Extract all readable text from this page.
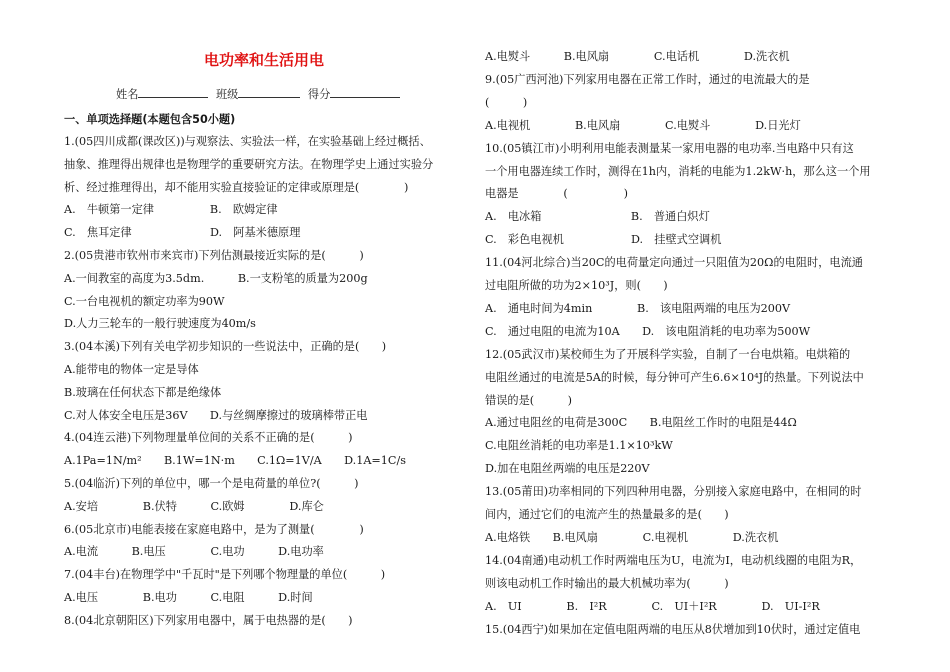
电功率和生活用电
姓名	班级	得分
一、单项选择题(本题包含50小题)
1.(05四川成都(课改区))与观察法、实验法一样，在实验基础上经过概括、
抽象、推理得出规律也是物理学的重要研究方法。在物理学史上通过实验分
析、经过推理得出，却不能用实验直接验证的定律或原理是(　　　　)
A.　牛顿第一定律　　　　　B.　欧姆定律
C.　焦耳定律　　　　　　　D.　阿基米德原理
2.(05贵港市钦州市来宾市)下列估测最接近实际的是(　　　)
A.一间教室的高度为3.5dm.　　　B.一支粉笔的质量为200g
C.一台电视机的额定功率为90W
D.人力三轮车的一般行驶速度为40m/s
3.(04本溪)下列有关电学初步知识的一些说法中，正确的是(　　)
A.能带电的物体一定是导体
B.玻璃在任何状态下都是绝缘体
C.对人体安全电压是36V　　D.与丝绸摩擦过的玻璃棒带正电
4.(04连云港)下列物理量单位间的关系不正确的是(　　　)
A.1Pa=1N/m²　　B.1W=1N·m　　C.1Ω=1V/A　　D.1A=1C/s
5.(04临沂)下列的单位中，哪一个是电荷量的单位?(　　　)
A.安培　　　　B.伏特　　　C.欧姆　　　　D.库仑
6.(05北京市)电能表接在家庭电路中，是为了测量(　　　　)
A.电流　　　B.电压　　　　C.电功　　　D.电功率
7.(04丰台)在物理学中"千瓦时"是下列哪个物理量的单位(　　　)
A.电压　　　　B.电功　　　C.电阻　　　D.时间
8.(04北京朝阳区)下列家用电器中，属于电热器的是(　　)
A.电熨斗　　　B.电风扇　　　　C.电话机　　　　D.洗衣机
9.(05广西河池)下列家用电器在正常工作时，通过的电流最大的是
(　　　)
A.电视机　　　　B.电风扇　　　　C.电熨斗　　　　D.日光灯
10.(05镇江市)小明利用电能表测量某一家用电器的电功率.当电路中只有这
一个用电器连续工作时，测得在1h内，消耗的电能为1.2kW·h，那么这一个用
电器是　　　　(　　　　　)
A.　电冰箱　　　　　　　　B.　普通白炽灯
C.　彩色电视机　　　　　　D.　挂壁式空调机
11.(04河北综合)当20C的电荷量定向通过一只阻值为20Ω的电阻时，电流通
过电阻所做的功为2×10³J，则(　　)
A.　通电时间为4min　　　　B.　该电阻两端的电压为200V
C.　通过电阻的电流为10A　　D.　该电阻消耗的电功率为500W
12.(05武汉市)某校师生为了开展科学实验，自制了一台电烘箱。电烘箱的
电阻丝通过的电流是5A的时候，每分钟可产生6.6×10⁴J的热量。下列说法中
错误的是(　　　)
A.通过电阻丝的电荷是300C　　B.电阻丝工作时的电阻是44Ω
C.电阻丝消耗的电功率是1.1×10³kW
D.加在电阻丝两端的电压是220V
13.(05莆田)功率相同的下列四种用电器，分别接入家庭电路中，在相同的时
间内，通过它们的电流产生的热量最多的是(　　)
A.电烙铁　　B.电风扇　　　　C.电视机　　　　D.洗衣机
14.(04南通)电动机工作时两端电压为U，电流为I，电动机线圈的电阻为R，
则该电动机工作时输出的最大机械功率为(　　　)
A.　UI　　　　B.　I²R　　　　C.　UI＋I²R　　　　D.　UI-I²R
15.(04西宁)如果加在定值电阻两端的电压从8伏增加到10伏时，通过定值电
